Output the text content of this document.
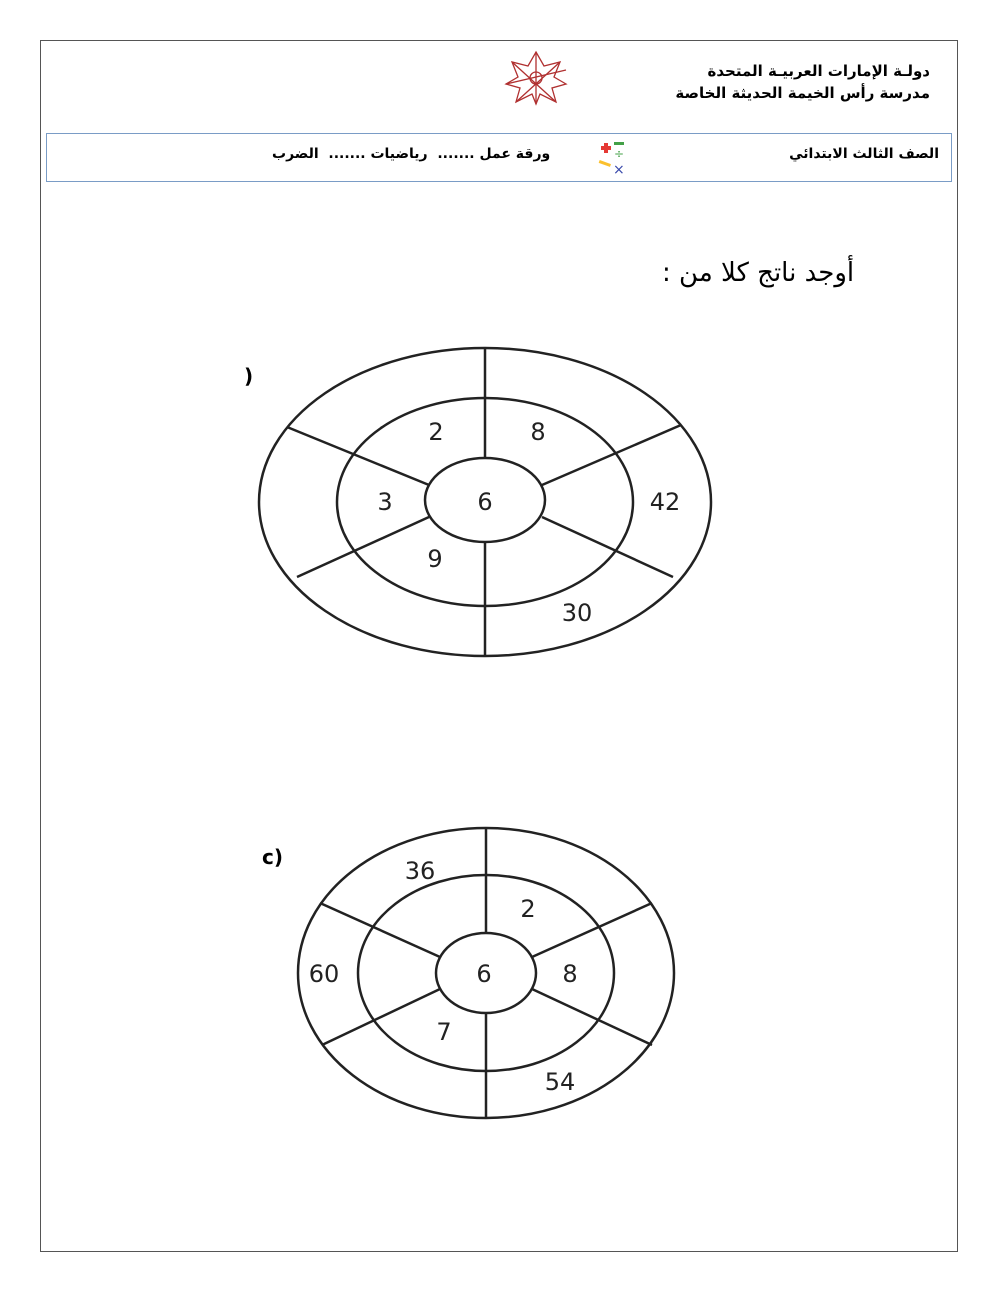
دولـة الإمارات العربيـة المتحدة
مدرسة رأس الخيمة الحديثة الخاصة
الصف الثالث الابتدائي
÷
×
ورقة عمل .......  رياضيات .......  الضرب
أوجد ناتج كلا من :
)
6
2	8
3
9
42
30
c)
6
2
8
7
36
60
54
